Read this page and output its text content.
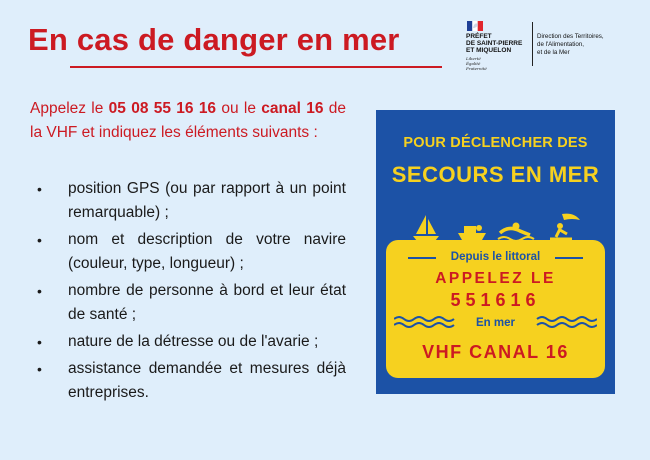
En cas de danger en mer	PRÉFET
DE SAINT-PIERRE
ET MIQUELON
Liberté
Égalité
Fraternité
Direction des Territoires,
de l'Alimentation,
et de la Mer

Appelez le 05 08 55 16 16 ou le canal 16 de la VHF et indiquez les éléments suivants :

• position GPS (ou par rapport à un point remarquable) ;
• nom et description de votre navire (couleur, type, longueur) ;
• nombre de personne à bord et leur état de santé ;
• nature de la détresse ou de l'avarie ;
• assistance demandée et mesures déjà entreprises.
POUR DÉCLENCHER DES
SECOURS EN MER
Depuis le littoral
APPELEZ LE
551616
En mer
VHF CANAL 16
